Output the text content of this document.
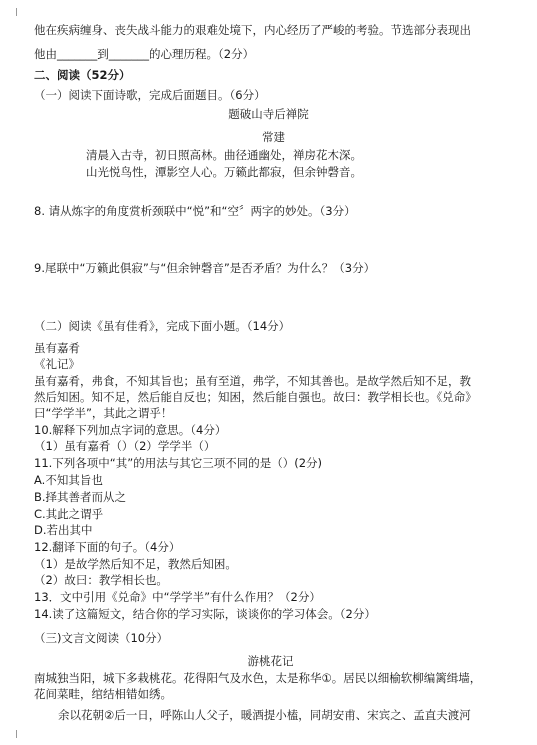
他在疾病缠身、丧失战斗能力的艰难处境下，内心经历了严峻的考验。节选部分表现出
他由_______到_______的心理历程。（2分）
二、阅读（52分）
（一）阅读下面诗歌，完成后面题目。（6分）
题破山寺后禅院
常建
清晨入古寺，初日照高林。曲径通幽处，禅房花木深。
山光悦鸟性，潭影空人心。万籁此都寂，但余钟磬音。
8. 请从炼字的角度赏析颈联中“悦”和“空〞两字的妙处。（3分）
9.尾联中“万籁此俱寂”与“但余钟磬音”是否矛盾？为什么？（3分）
（二）阅读《虽有佳肴》，完成下面小题。（14分）
虽有嘉肴
《礼记》
虽有嘉肴，弗食，不知其旨也；虽有至道，弗学，不知其善也。是故学然后知不足，教
然后知困。知不足，然后能自反也；知困，然后能自强也。故曰：教学相长也。《兑命》
曰“学学半”，其此之谓乎！
10.解释下列加点字词的意思。（4分）
（1）虽有嘉肴（）（2）学学半（）
11.下列各项中“其”的用法与其它三项不同的是（）(2分)
A.不知其旨也
B.择其善者而从之
C.其此之谓乎
D.若出其中
12.翻译下面的句子。（4分）
（1）是故学然后知不足，教然后知困。
（2）故曰：教学相长也。
13．文中引用《兑命》中“学学半”有什么作用？（2分）
14.读了这篇短文，结合你的学习实际，谈谈你的学习体会。（2分）
（三)文言文阅读（10分）
游桃花记
南城独当阳，城下多栽桃花。花得阳气及水色，太是称华①。居民以细榆软柳编篱缉墙，
花间菜畦，绾结相错如绣。
余以花朝②后一日，呼陈山人父子，暖酒提小榼，同胡安甫、宋宾之、孟直夫渡河
